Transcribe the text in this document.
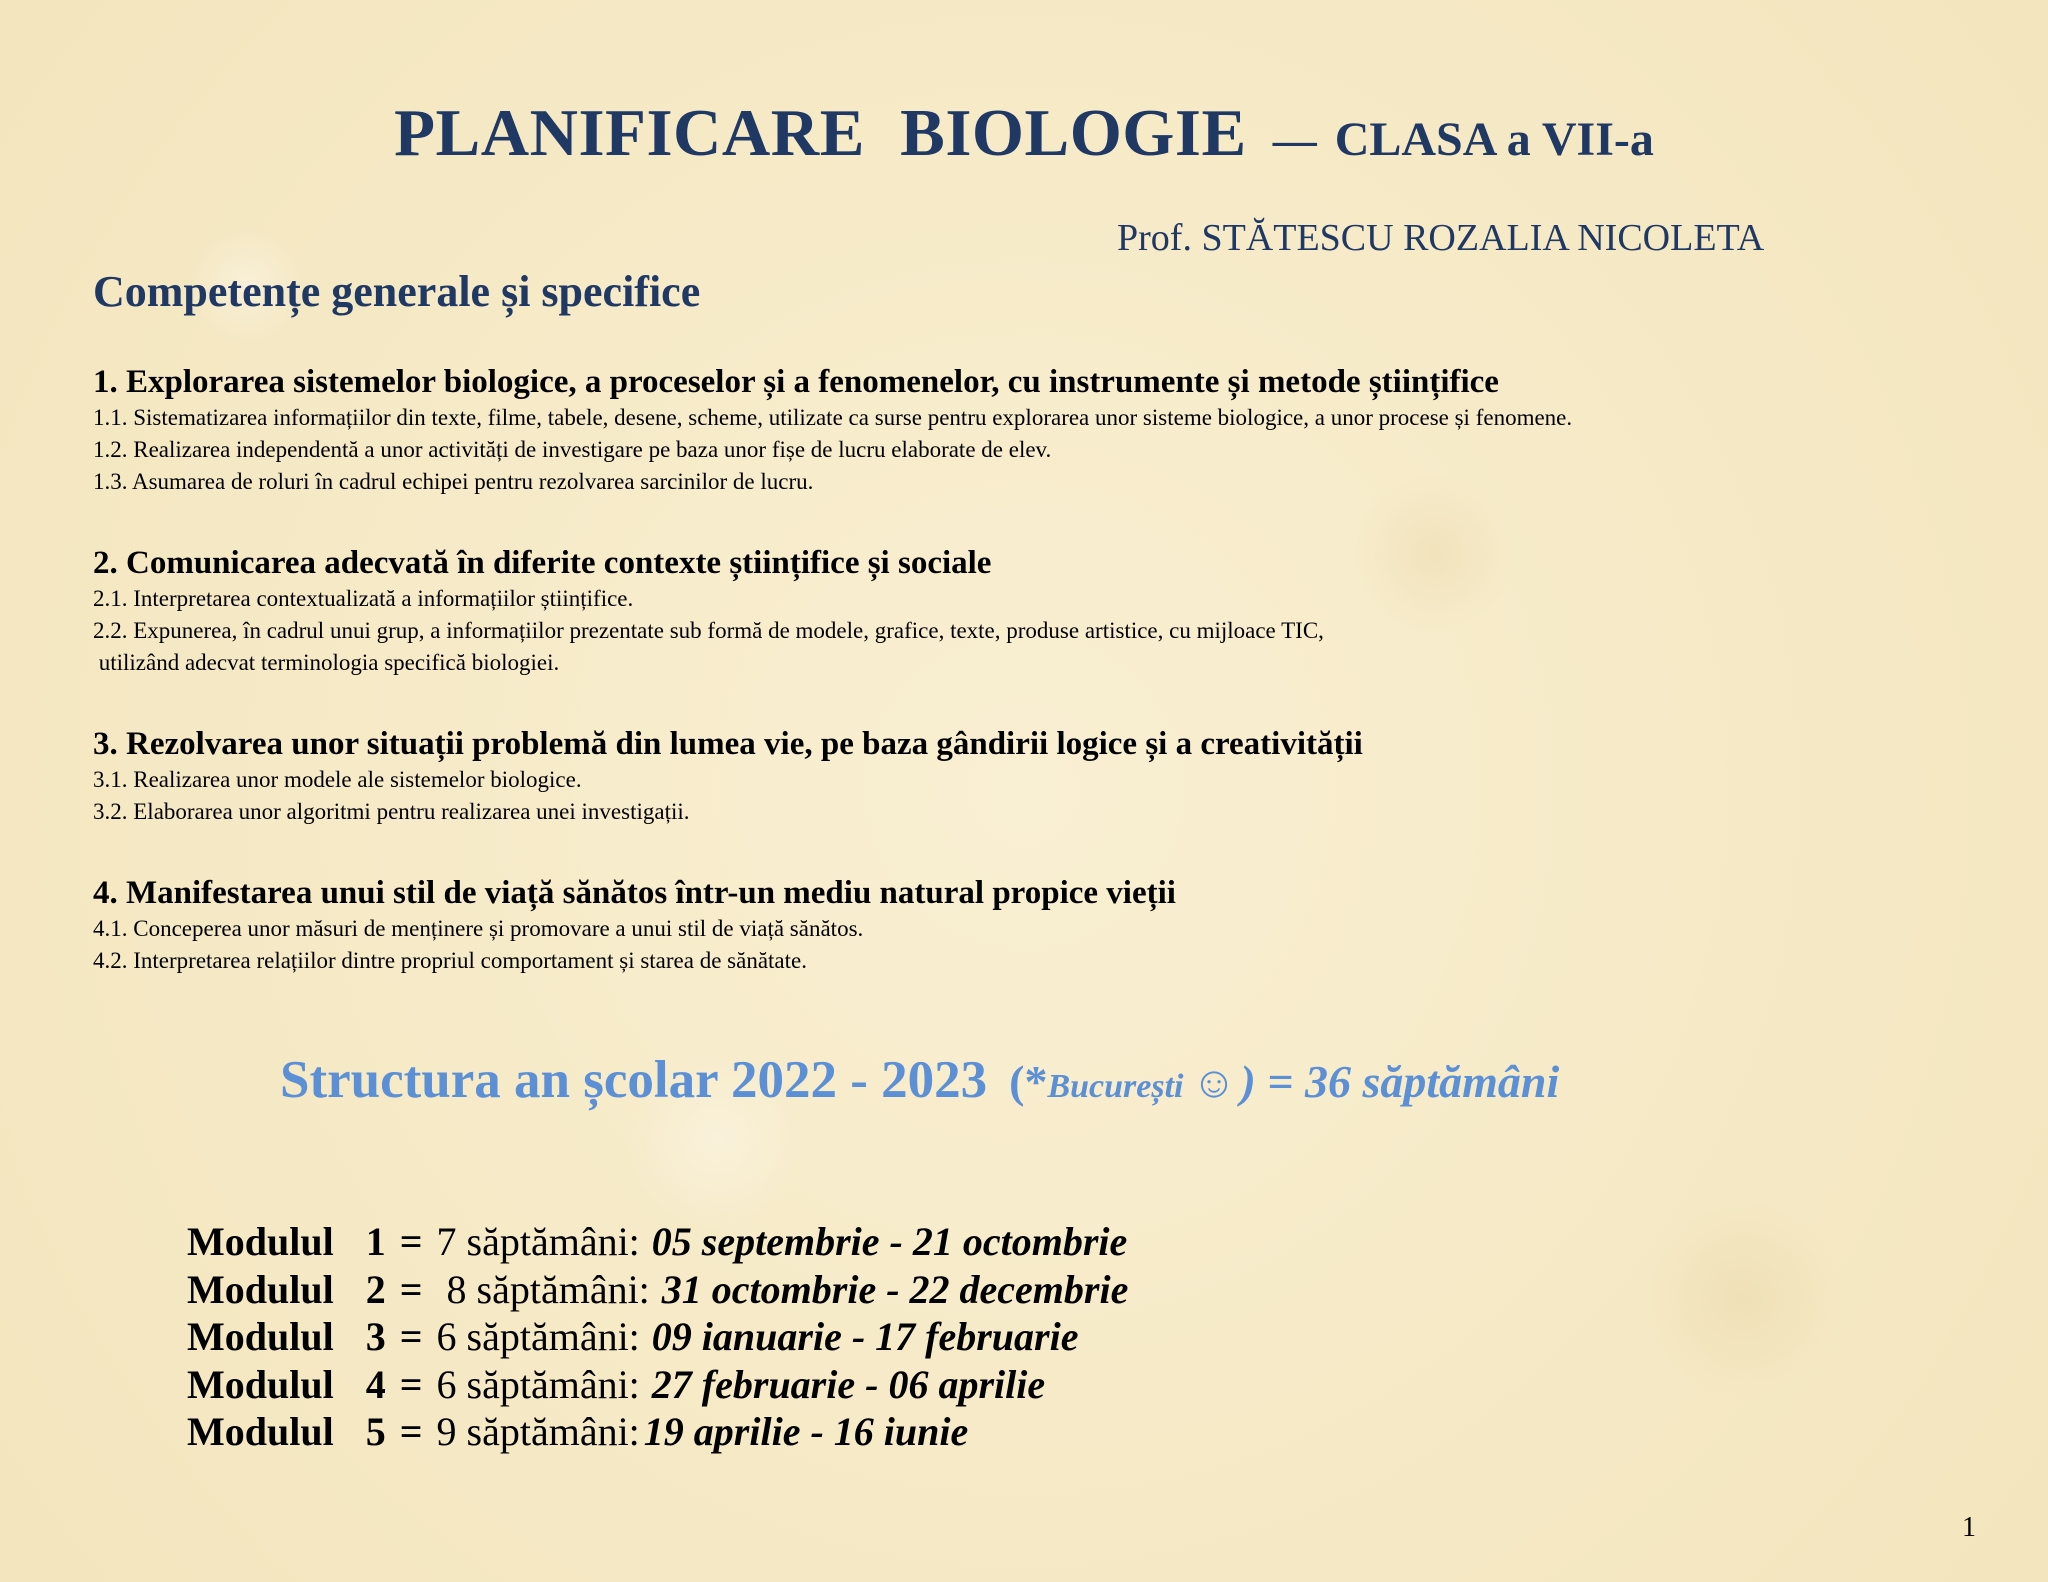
PLANIFICARE BIOLOGIE — CLASA a VII-a
Prof. STĂTESCU ROZALIA NICOLETA
Competențe generale și specifice

1. Explorarea sistemelor biologice, a proceselor și a fenomenelor, cu instrumente și metode științifice

1.1. Sistematizarea informațiilor din texte, filme, tabele, desene, scheme, utilizate ca surse pentru explorarea unor sisteme biologice, a unor procese și fenomene.

1.2. Realizarea independentă a unor activități de investigare pe baza unor fișe de lucru elaborate de elev.

1.3. Asumarea de roluri în cadrul echipei pentru rezolvarea sarcinilor de lucru.

2. Comunicarea adecvată în diferite contexte științifice și sociale

2.1. Interpretarea contextualizată a informațiilor științifice.

2.2. Expunerea, în cadrul unui grup, a informațiilor prezentate sub formă de modele, grafice, texte, produse artistice, cu mijloace TIC,

utilizând adecvat terminologia specifică biologiei.

3. Rezolvarea unor situații problemă din lumea vie, pe baza gândirii logice și a creativității

3.1. Realizarea unor modele ale sistemelor biologice.

3.2. Elaborarea unor algoritmi pentru realizarea unei investigații.

4. Manifestarea unui stil de viață sănătos într-un mediu natural propice vieții

4.1. Conceperea unor măsuri de menținere și promovare a unui stil de viață sănătos.

4.2. Interpretarea relațiilor dintre propriul comportament și starea de sănătate.

Structura an școlar 2022 - 2023 (*București ☺) = 36 săptămâni
Modulul  1 = 7 săptămâni: 05 septembrie - 21 octombrie
Modulul  2 = 8 săptămâni: 31 octombrie - 22 decembrie
Modulul  3 = 6 săptămâni: 09 ianuarie - 17 februarie
Modulul  4 = 6 săptămâni: 27 februarie - 06 aprilie
Modulul  5 = 9 săptămâni: 19 aprilie - 16 iunie
1
